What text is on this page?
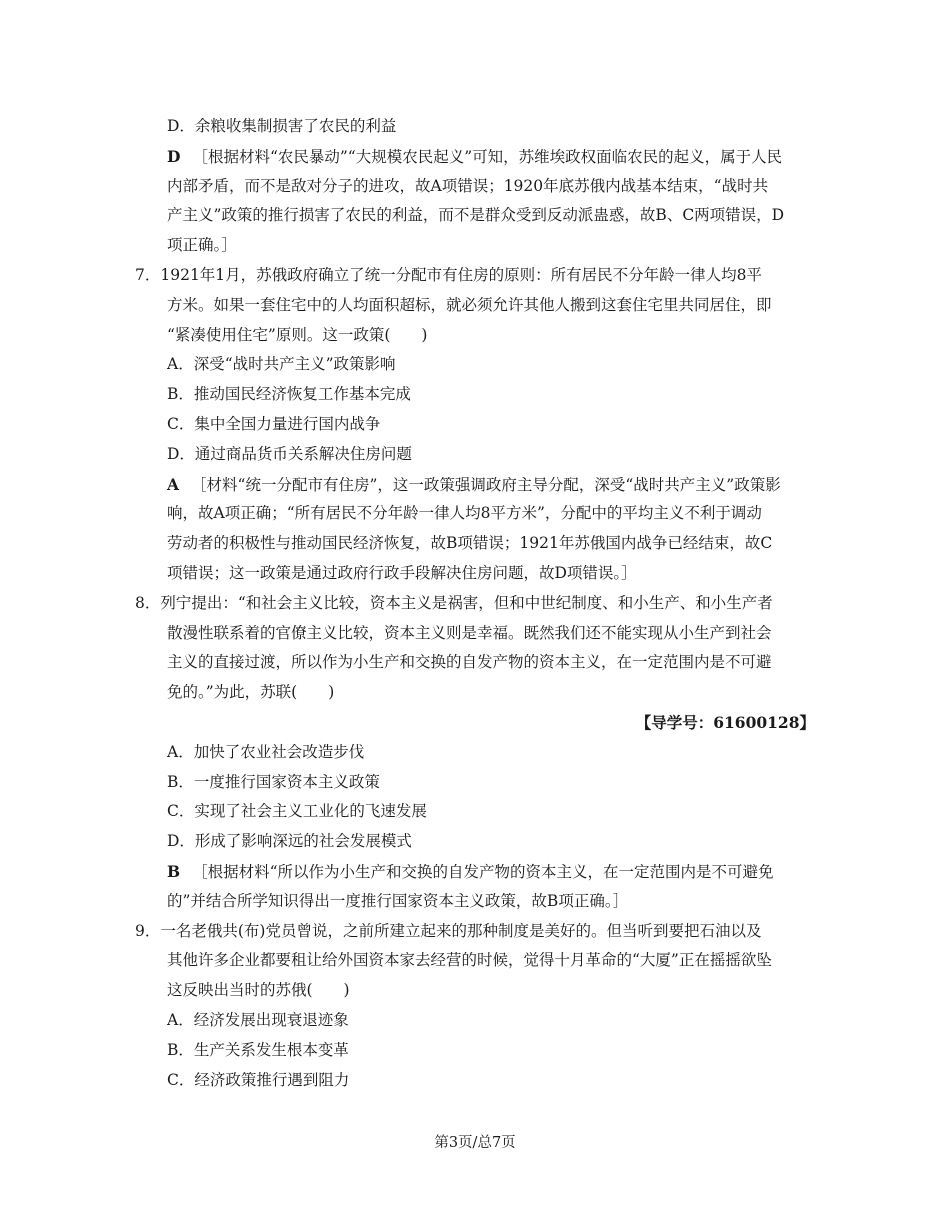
D．余粮收集制损害了农民的利益
D ［根据材料“农民暴动”“大规模农民起义”可知，苏维埃政权面临农民的起义，属于人民
内部矛盾，而不是敌对分子的进攻，故A项错误；1920年底苏俄内战基本结束，“战时共
产主义”政策的推行损害了农民的利益，而不是群众受到反动派蛊惑，故B、C两项错误，D
项正确。］
7．1921年1月，苏俄政府确立了统一分配市有住房的原则：所有居民不分年龄一律人均8平
方米。如果一套住宅中的人均面积超标，就必须允许其他人搬到这套住宅里共同居住，即
“紧凑使用住宅”原则。这一政策(　　)
A．深受“战时共产主义”政策影响
B．推动国民经济恢复工作基本完成
C．集中全国力量进行国内战争
D．通过商品货币关系解决住房问题
A ［材料“统一分配市有住房”，这一政策强调政府主导分配，深受“战时共产主义”政策影
响，故A项正确；“所有居民不分年龄一律人均8平方米”，分配中的平均主义不利于调动
劳动者的积极性与推动国民经济恢复，故B项错误；1921年苏俄国内战争已经结束，故C
项错误；这一政策是通过政府行政手段解决住房问题，故D项错误。］
8．列宁提出：“和社会主义比较，资本主义是祸害，但和中世纪制度、和小生产、和小生产者
散漫性联系着的官僚主义比较，资本主义则是幸福。既然我们还不能实现从小生产到社会
主义的直接过渡，所以作为小生产和交换的自发产物的资本主义，在一定范围内是不可避
免的。”为此，苏联(　　)
【导学号：61600128】
A．加快了农业社会改造步伐
B．一度推行国家资本主义政策
C．实现了社会主义工业化的飞速发展
D．形成了影响深远的社会发展模式
B ［根据材料“所以作为小生产和交换的自发产物的资本主义，在一定范围内是不可避免
的”并结合所学知识得出一度推行国家资本主义政策，故B项正确。］
9．一名老俄共(布)党员曾说，之前所建立起来的那种制度是美好的。但当听到要把石油以及
其他许多企业都要租让给外国资本家去经营的时候，觉得十月革命的“大厦”正在摇摇欲坠
这反映出当时的苏俄(　　)
A．经济发展出现衰退迹象
B．生产关系发生根本变革
C．经济政策推行遇到阻力
第3页/总7页
